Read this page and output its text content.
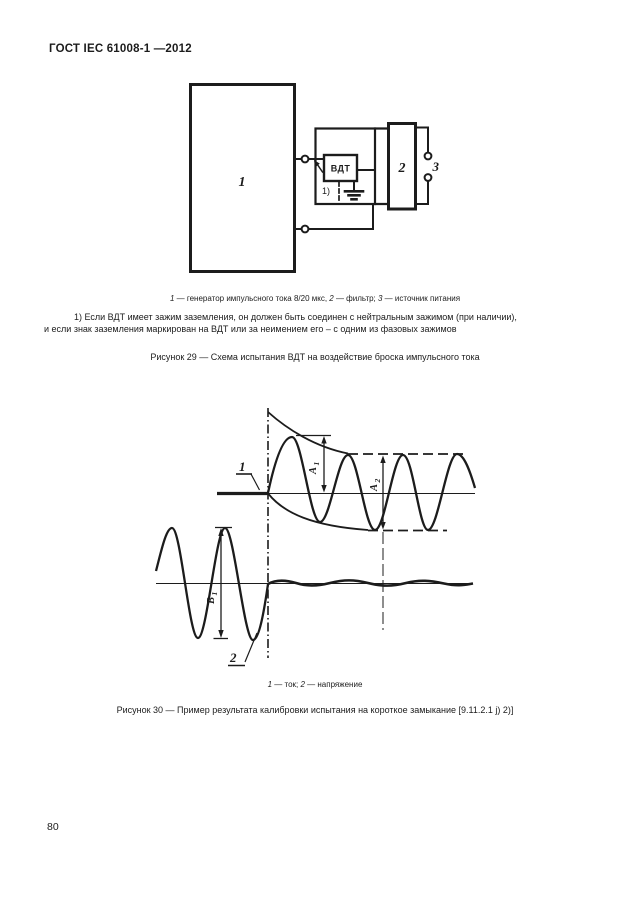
ГОСТ IEC 61008-1 —2012
1
ВДТ
1)
2 3
1 — генератор импульсного тока 8/20 мкс, 2 — фильтр; 3 — источник питания
1) Если ВДТ имеет зажим заземления, он должен быть соединен с нейтральным зажимом (при наличии),
и если знак заземления маркирован на ВДТ или за неимением его – с одним из фазовых зажимов
Рисунок 29 — Схема испытания ВДТ на воздействие броска импульсного тока
1
2
A
1
A
2
B
1
1 — ток; 2 — напряжение
Рисунок 30 — Пример результата калибровки испытания на короткое замыкание [9.11.2.1 j) 2)]
80
